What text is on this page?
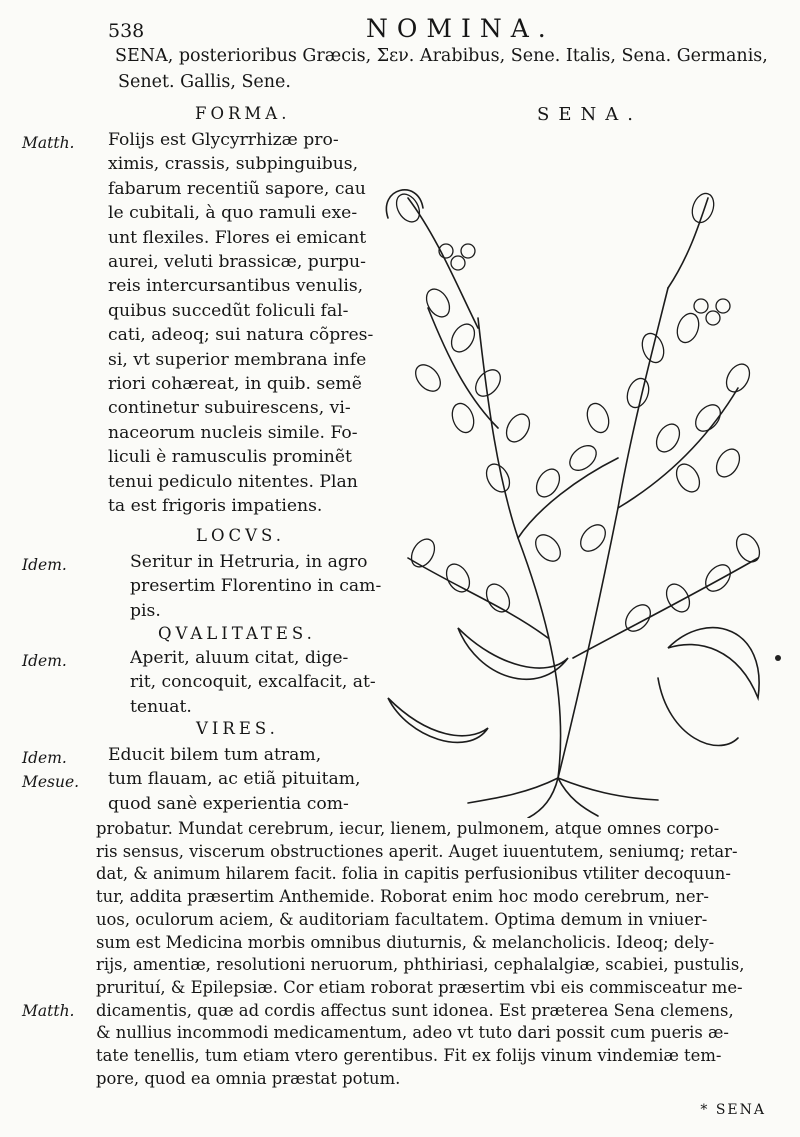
538	NOMINA.
SENA, posterioribus Græcis, Σεν. Arabibus, Sene. Italis, Sena. Germanis,
Senet. Gallis, Sene.
FORMA.	SENA.
Matth. Folijs est Glycyrrhizæ pro-
ximis, crassis, subpinguibus,
fabarum recentiũ sapore, cau
le cubitali, à quo ramuli exe-
unt flexiles. Flores ei emicant
aurei, veluti brassicæ, purpu-
reis intercursantibus venulis,
quibus succedũt foliculi fal-
cati, adeoq; sui natura cõpres-
si, vt superior membrana infe
riori cohæreat, in quib. semẽ
continetur subuirescens, vi-
naceorum nucleis simile. Fo-
liculi è ramusculis prominẽt
tenui pediculo nitentes. Plan
ta est frigoris impatiens.
LOCVS.
Idem.	Seritur in Hetruria, in agro
presertim Florentino in cam-
pis.
QVALITATES.
Idem.	Aperit, aluum citat, dige-
rit, concoquit, excalfacit, at-
tenuat.
VIRES.
Idem.
Mesue.
Educit bilem tum atram,
tum flauam, ac etiã pituitam,
quod sanè experientia com-
probatur. Mundat cerebrum, iecur, lienem, pulmonem, atque omnes corpo-
ris sensus, viscerum obstructiones aperit. Auget iuuentutem, seniumq; retar-
dat, & animum hilarem facit. folia in capitis perfusionibus vtiliter decoquun-
tur, addita præsertim Anthemide. Roborat enim hoc modo cerebrum, ner-
uos, oculorum aciem, & auditoriam facultatem. Optima demum in vniuer-
sum est Medicina morbis omnibus diuturnis, & melancholicis. Ideoq; dely-
rijs, amentiæ, resolutioni neruorum, phthiriasi, cephalalgiæ, scabiei, pustulis,
prurituí, & Epilepsiæ. Cor etiam roborat præsertim vbi eis commisceatur me-
dicamentis, quæ ad cordis affectus sunt idonea. Est præterea Sena clemens,
& nullius incommodi medicamentum, adeo vt tuto dari possit cum pueris æ-
tate tenellis, tum etiam vtero gerentibus. Fit ex folijs vinum vindemiæ tem-
pore, quod ea omnia præstat potum.
Matth.
* SENA
